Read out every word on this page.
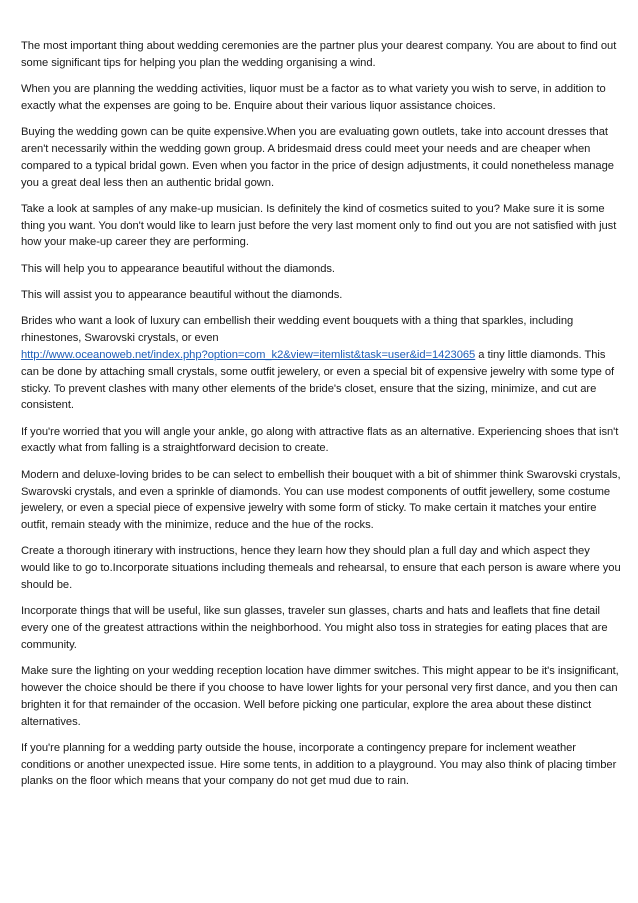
The most important thing about wedding ceremonies are the partner plus your dearest company. You are about to find out some significant tips for helping you plan the wedding organising a wind.

When you are planning the wedding activities, liquor must be a factor as to what variety you wish to serve, in addition to exactly what the expenses are going to be. Enquire about their various liquor assistance choices.

Buying the wedding gown can be quite expensive.When you are evaluating gown outlets, take into account dresses that aren't necessarily within the wedding gown group. A bridesmaid dress could meet your needs and are cheaper when compared to a typical bridal gown. Even when you factor in the price of design adjustments, it could nonetheless manage you a great deal less then an authentic bridal gown.

Take a look at samples of any make-up musician. Is definitely the kind of cosmetics suited to you? Make sure it is some thing you want. You don't would like to learn just before the very last moment only to find out you are not satisfied with just how your make-up career they are performing.

This will help you to appearance beautiful without the diamonds.

This will assist you to appearance beautiful without the diamonds.

Brides who want a look of luxury can embellish their wedding event bouquets with a thing that sparkles, including rhinestones, Swarovski crystals, or even
http://www.oceanoweb.net/index.php?option=com_k2&view=itemlist&task=user&id=1423065 a tiny little diamonds. This can be done by attaching small crystals, some outfit jewelery, or even a special bit of expensive jewelry with some type of sticky. To prevent clashes with many other elements of the bride's closet, ensure that the sizing, minimize, and cut are consistent.

If you're worried that you will angle your ankle, go along with attractive flats as an alternative. Experiencing shoes that isn't exactly what from falling is a straightforward decision to create.

Modern and deluxe-loving brides to be can select to embellish their bouquet with a bit of shimmer think Swarovski crystals, Swarovski crystals, and even a sprinkle of diamonds. You can use modest components of outfit jewellery, some costume jewelery, or even a special piece of expensive jewelry with some form of sticky. To make certain it matches your entire outfit, remain steady with the minimize, reduce and the hue of the rocks.

Create a thorough itinerary with instructions, hence they learn how they should plan a full day and which aspect they would like to go to.Incorporate situations including themeals and rehearsal, to ensure that each person is aware where you should be.

Incorporate things that will be useful, like sun glasses, traveler sun glasses, charts and hats and leaflets that fine detail every one of the greatest attractions within the neighborhood. You might also toss in strategies for eating places that are community.

Make sure the lighting on your wedding reception location have dimmer switches. This might appear to be it's insignificant, however the choice should be there if you choose to have lower lights for your personal very first dance, and you then can brighten it for that remainder of the occasion. Well before picking one particular, explore the area about these distinct alternatives.

If you're planning for a wedding party outside the house, incorporate a contingency prepare for inclement weather conditions or another unexpected issue. Hire some tents, in addition to a playground. You may also think of placing timber planks on the floor which means that your company do not get mud due to rain.
